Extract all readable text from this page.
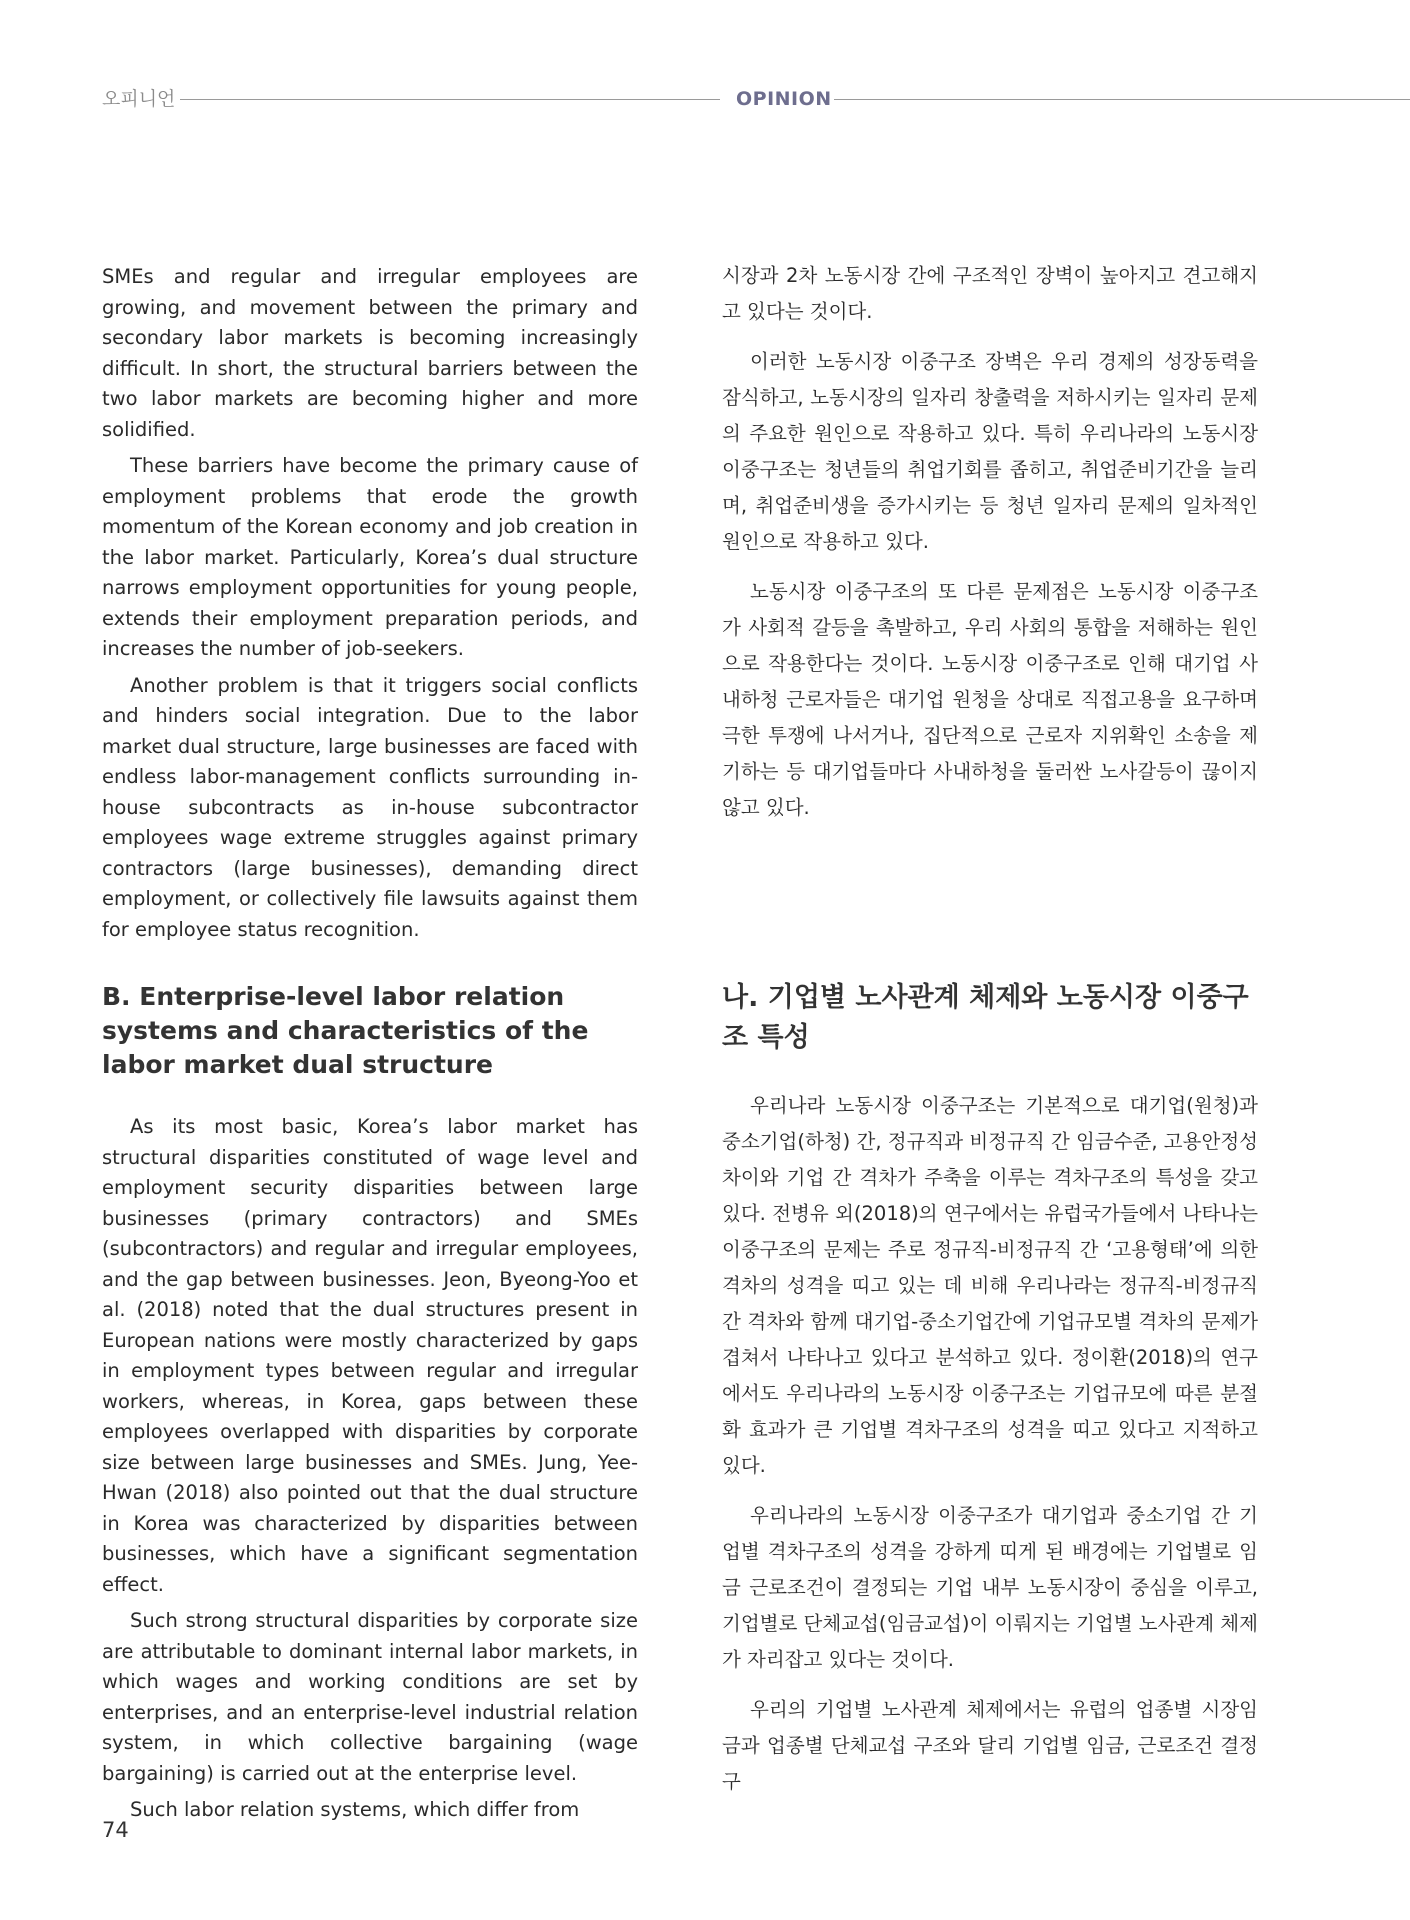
오피니언	OPINION

SMEs and regular and irregular employees are growing, and movement between the primary and secondary labor markets is becoming increasingly difficult. In short, the structural barriers between the two labor markets are becoming higher and more solidified.

These barriers have become the primary cause of employment problems that erode the growth momentum of the Korean economy and job creation in the labor market. Particularly, Korea’s dual structure narrows employment opportunities for young people, extends their employment preparation periods, and increases the number of job-seekers.

Another problem is that it triggers social conflicts and hinders social integration. Due to the labor market dual structure, large businesses are faced with endless labor-management conflicts surrounding in-house subcontracts as in-house subcontractor employees wage extreme struggles against primary contractors (large businesses), demanding direct employment, or collectively file lawsuits against them for employee status recognition.

시장과 2차 노동시장 간에 구조적인 장벽이 높아지고 견고해지고 있다는 것이다.

이러한 노동시장 이중구조 장벽은 우리 경제의 성장동력을 잠식하고, 노동시장의 일자리 창출력을 저하시키는 일자리 문제의 주요한 원인으로 작용하고 있다. 특히 우리나라의 노동시장 이중구조는 청년들의 취업기회를 좁히고, 취업준비기간을 늘리며, 취업준비생을 증가시키는 등 청년 일자리 문제의 일차적인 원인으로 작용하고 있다.

노동시장 이중구조의 또 다른 문제점은 노동시장 이중구조가 사회적 갈등을 촉발하고, 우리 사회의 통합을 저해하는 원인으로 작용한다는 것이다. 노동시장 이중구조로 인해 대기업 사내하청 근로자들은 대기업 원청을 상대로 직접고용을 요구하며 극한 투쟁에 나서거나, 집단적으로 근로자 지위확인 소송을 제기하는 등 대기업들마다 사내하청을 둘러싼 노사갈등이 끊이지 않고 있다.

B. Enterprise-level labor relation systems and characteristics of the labor market dual structure

As its most basic, Korea’s labor market has structural disparities constituted of wage level and employment security disparities between large businesses (primary contractors) and SMEs (subcontractors) and regular and irregular employees, and the gap between businesses. Jeon, Byeong-Yoo et al. (2018) noted that the dual structures present in European nations were mostly characterized by gaps in employment types between regular and irregular workers, whereas, in Korea, gaps between these employees overlapped with disparities by corporate size between large businesses and SMEs. Jung, Yee-Hwan (2018) also pointed out that the dual structure in Korea was characterized by disparities between businesses, which have a significant segmentation effect.

Such strong structural disparities by corporate size are attributable to dominant internal labor markets, in which wages and working conditions are set by enterprises, and an enterprise-level industrial relation system, in which collective bargaining (wage bargaining) is carried out at the enterprise level.

Such labor relation systems, which differ from

나. 기업별 노사관계 체제와 노동시장 이중구조 특성

우리나라 노동시장 이중구조는 기본적으로 대기업(원청)과 중소기업(하청) 간, 정규직과 비정규직 간 임금수준, 고용안정성 차이와 기업 간 격차가 주축을 이루는 격차구조의 특성을 갖고 있다. 전병유 외(2018)의 연구에서는 유럽국가들에서 나타나는 이중구조의 문제는 주로 정규직-비정규직 간 ‘고용형태’에 의한 격차의 성격을 띠고 있는 데 비해 우리나라는 정규직-비정규직 간 격차와 함께 대기업-중소기업간에 기업규모별 격차의 문제가 겹쳐서 나타나고 있다고 분석하고 있다. 정이환(2018)의 연구에서도 우리나라의 노동시장 이중구조는 기업규모에 따른 분절화 효과가 큰 기업별 격차구조의 성격을 띠고 있다고 지적하고 있다.

우리나라의 노동시장 이중구조가 대기업과 중소기업 간 기업별 격차구조의 성격을 강하게 띠게 된 배경에는 기업별로 임금 근로조건이 결정되는 기업 내부 노동시장이 중심을 이루고, 기업별로 단체교섭(임금교섭)이 이뤄지는 기업별 노사관계 체제가 자리잡고 있다는 것이다.

우리의 기업별 노사관계 체제에서는 유럽의 업종별 시장임금과 업종별 단체교섭 구조와 달리 기업별 임금, 근로조건 결정구

74
